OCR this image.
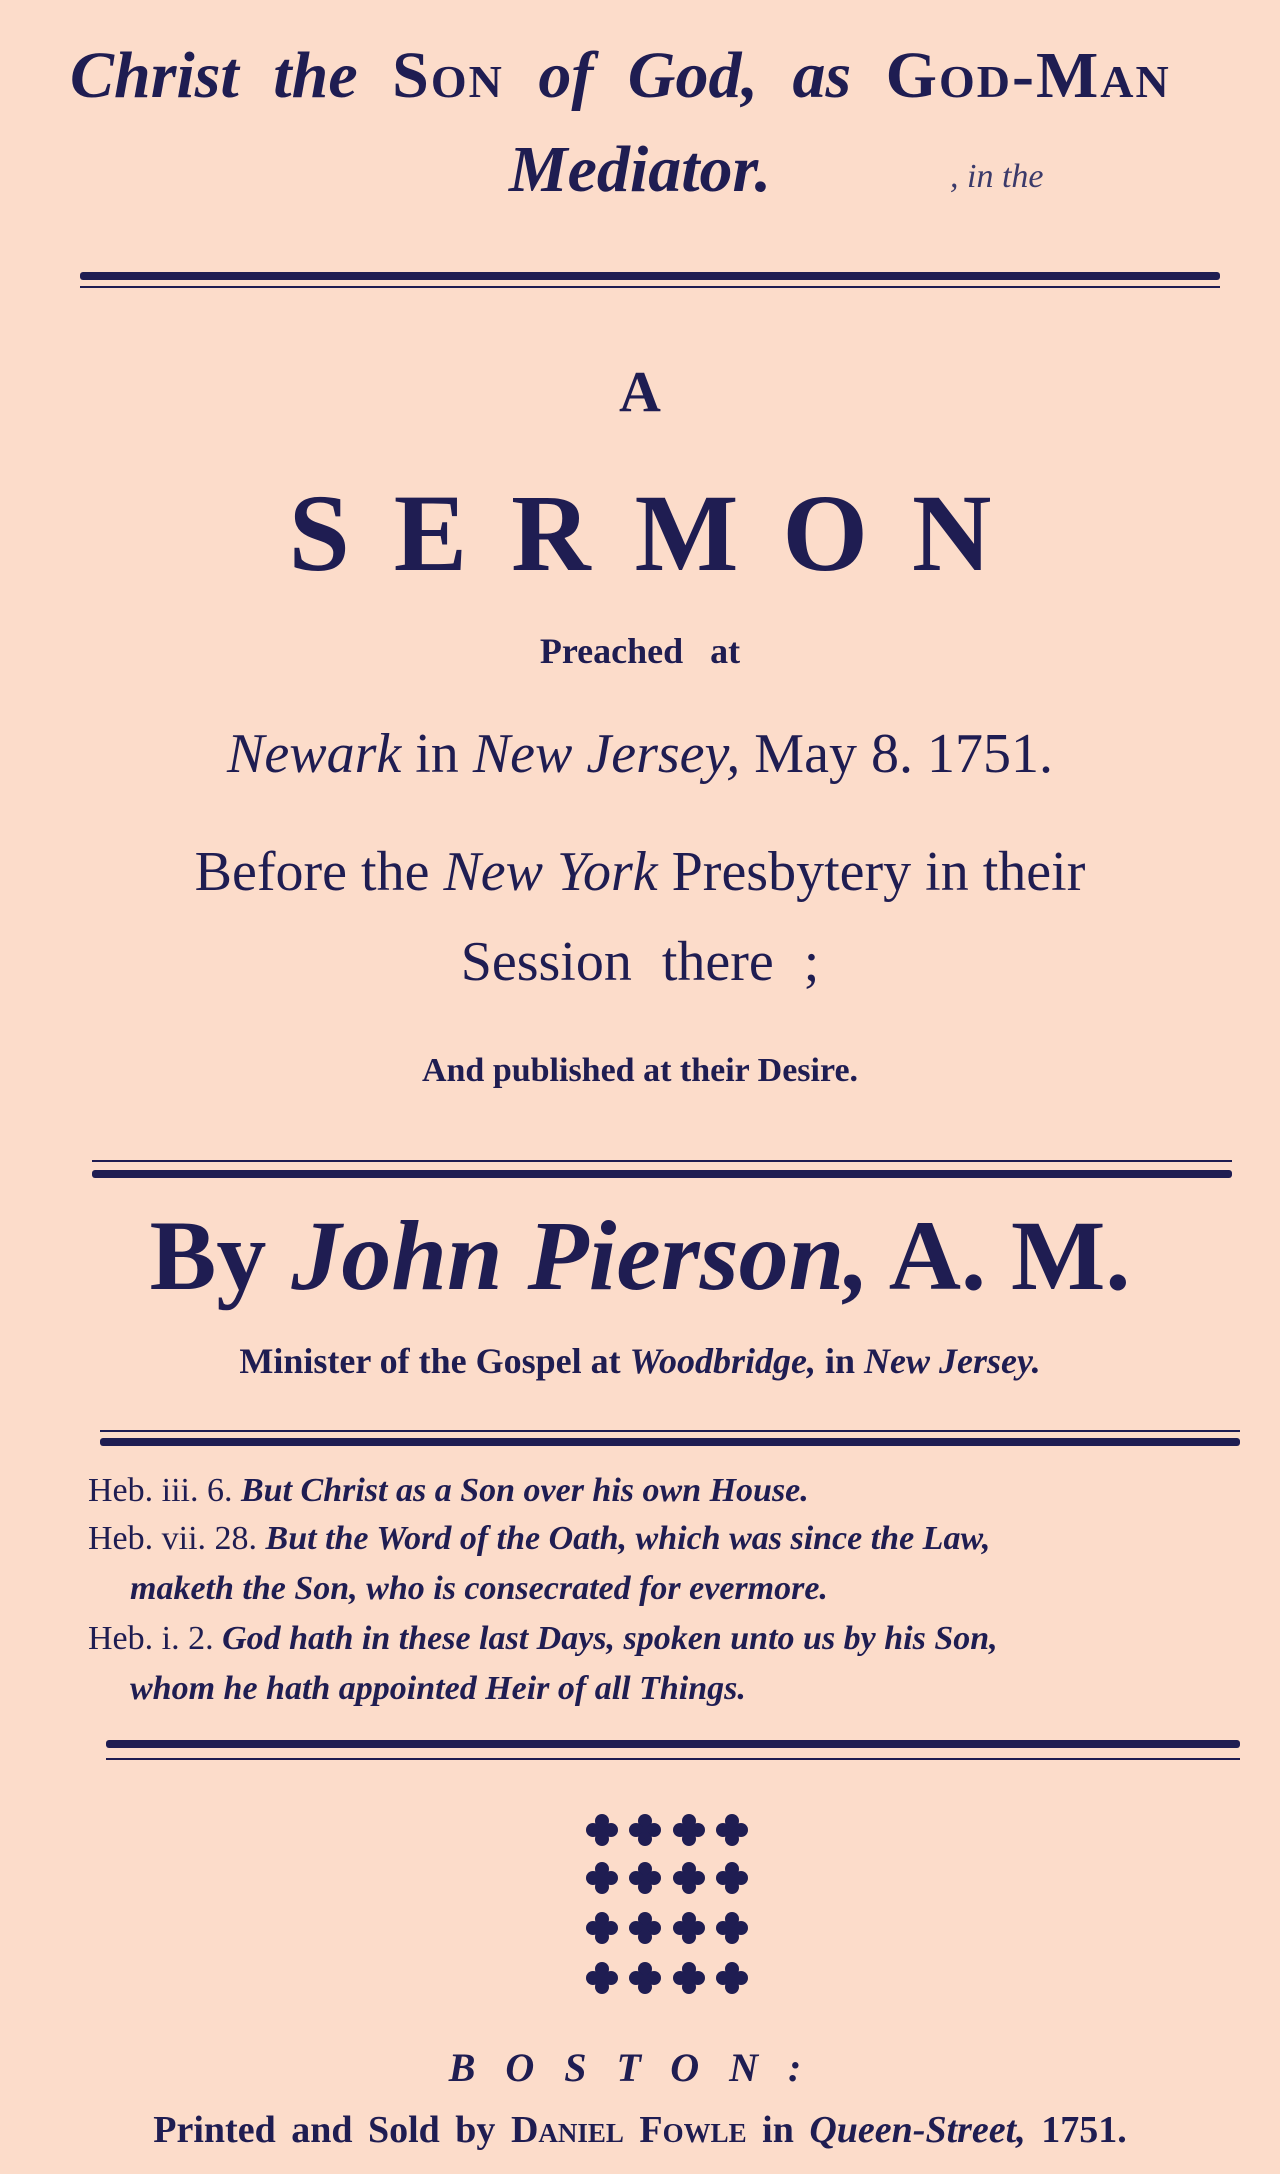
Christ the Son of God, as God-Man
Mediator.	, in the
A
SERMON
Preached at
Newark in New Jersey, May 8. 1751.
Before the New York Presbytery in their
Session there ;
And published at their Desire.
By John Pierson, A. M.
Minister of the Gospel at Woodbridge, in New Jersey.
Heb. iii. 6. But Christ as a Son over his own House.
Heb. vii. 28. But the Word of the Oath, which was since the Law,
maketh the Son, who is consecrated for evermore.
Heb. i. 2. God hath in these last Days, spoken unto us by his Son,
whom he hath appointed Heir of all Things.
BOSTON:
Printed and Sold by Daniel Fowle in Queen-Street, 1751.
